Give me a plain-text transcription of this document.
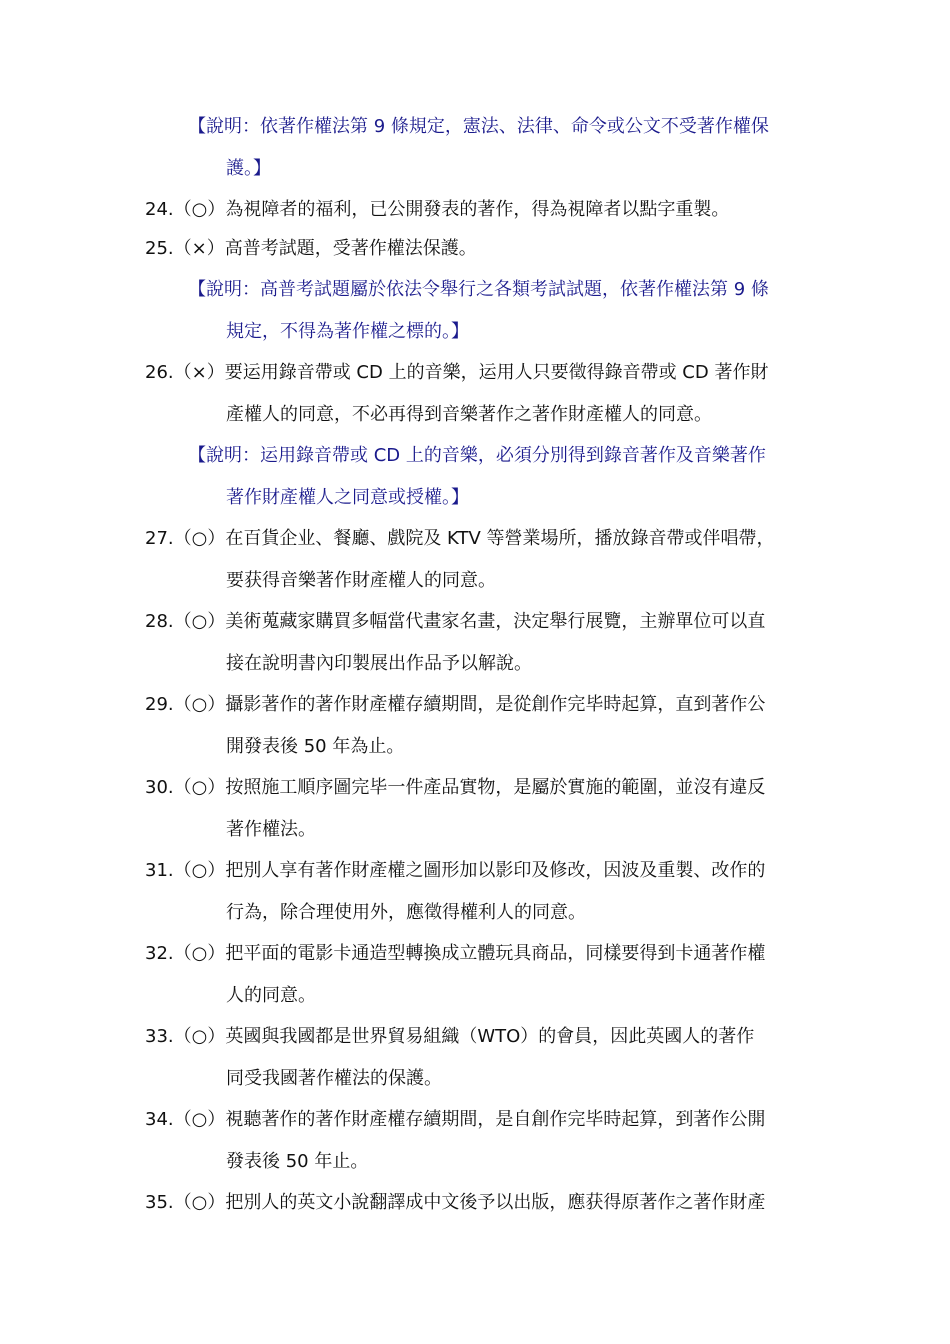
【說明：依著作權法第 9 條規定，憲法、法律、命令或公文不受著作權保
護。】
24.（○）為視障者的福利，已公開發表的著作，得為視障者以點字重製。
25.（×）高普考試題，受著作權法保護。
【說明：高普考試題屬於依法令舉行之各類考試試題，依著作權法第 9 條
規定，不得為著作權之標的。】
26.（×）要运用錄音帶或 CD 上的音樂，运用人只要徵得錄音帶或 CD 著作財
產權人的同意，不必再得到音樂著作之著作財產權人的同意。
【說明：运用錄音帶或 CD 上的音樂，必須分別得到錄音著作及音樂著作
著作財產權人之同意或授權。】
27.（○）在百貨企业、餐廳、戲院及 KTV 等營業場所，播放錄音帶或伴唱帶，
要获得音樂著作財產權人的同意。
28.（○）美術蒐藏家購買多幅當代畫家名畫，決定舉行展覽，主辦單位可以直
接在說明書內印製展出作品予以解說。
29.（○）攝影著作的著作財產權存續期間，是從創作完毕時起算，直到著作公
開發表後 50 年為止。
30.（○）按照施工順序圖完毕一件產品實物，是屬於實施的範圍，並沒有違反
著作權法。
31.（○）把別人享有著作財產權之圖形加以影印及修改，因波及重製、改作的
行為，除合理使用外，應徵得權利人的同意。
32.（○）把平面的電影卡通造型轉換成立體玩具商品，同樣要得到卡通著作權
人的同意。
33.（○）英國與我國都是世界貿易組織（WTO）的會員，因此英國人的著作
同受我國著作權法的保護。
34.（○）視聽著作的著作財產權存續期間，是自創作完毕時起算，到著作公開
發表後 50 年止。
35.（○）把別人的英文小說翻譯成中文後予以出版，應获得原著作之著作財產
